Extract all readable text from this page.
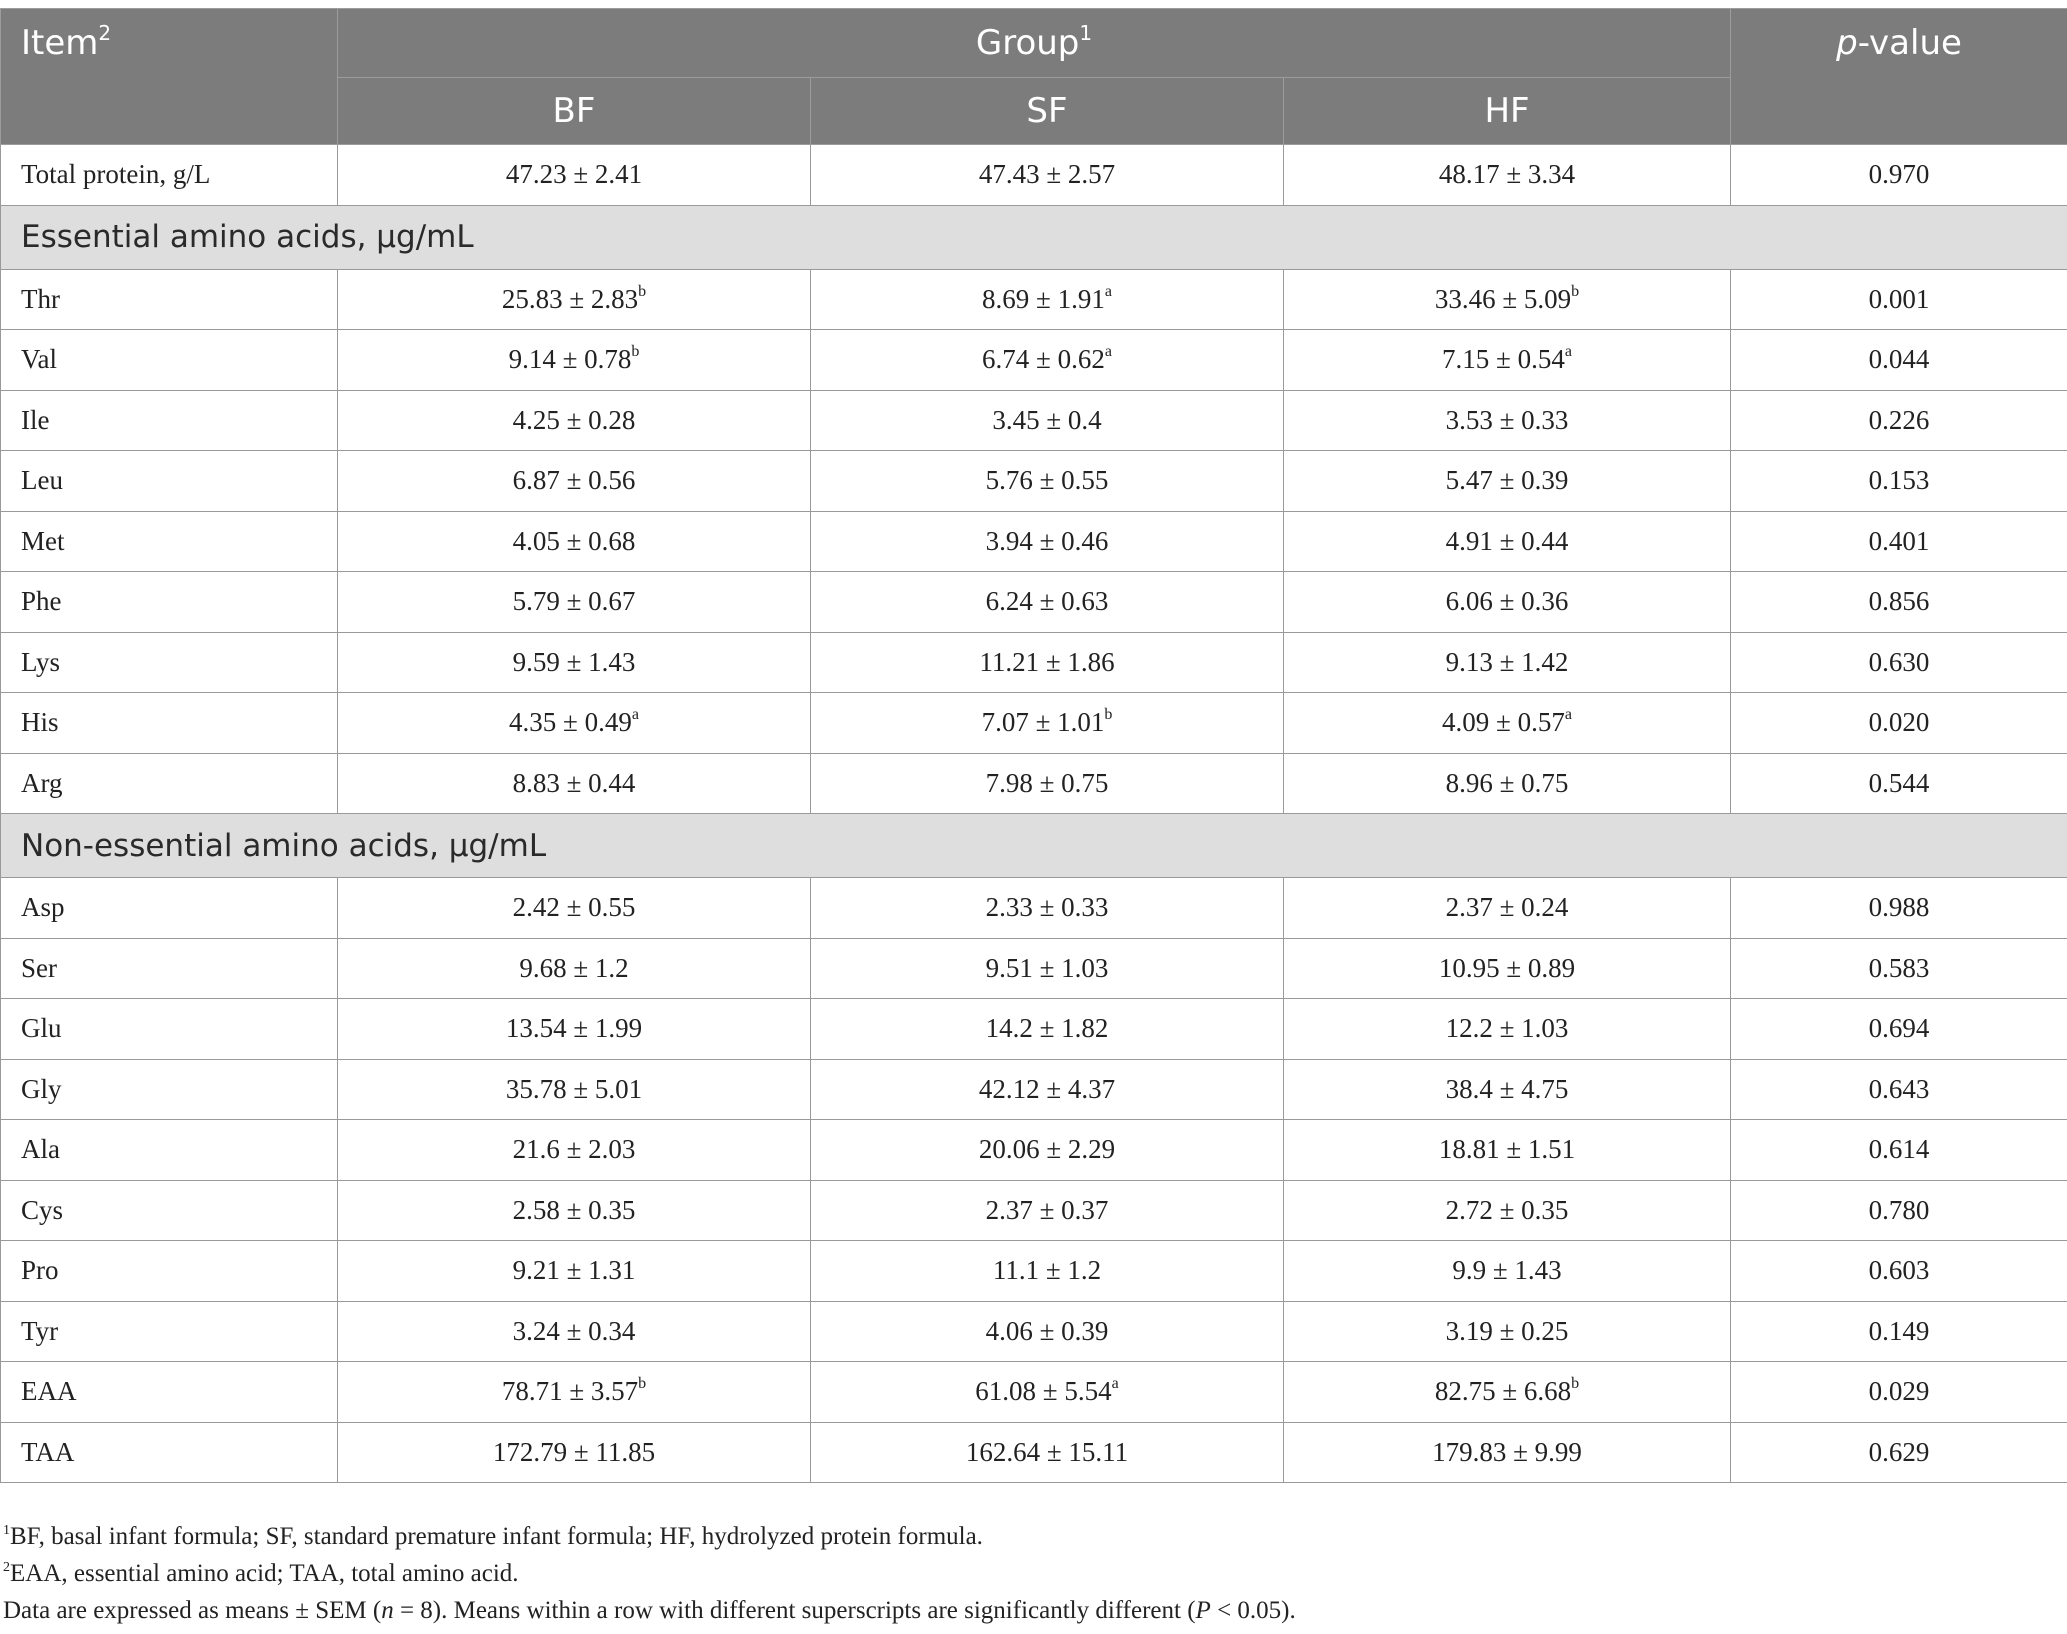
Item$^2$	Group$^1$			p-value
	BF	SF	HF	
Total protein, g/L	47.23 ± 2.41	47.43 ± 2.57	48.17 ± 3.34	0.970
Essential amino acids, μg/mL				
Thr	25.83 ± 2.83$^b$	8.69 ± 1.91$^a$	33.46 ± 5.09$^b$	0.001
Val	9.14 ± 0.78$^b$	6.74 ± 0.62$^a$	7.15 ± 0.54$^a$	0.044
Ile	4.25 ± 0.28	3.45 ± 0.4	3.53 ± 0.33	0.226
Leu	6.87 ± 0.56	5.76 ± 0.55	5.47 ± 0.39	0.153
Met	4.05 ± 0.68	3.94 ± 0.46	4.91 ± 0.44	0.401
Phe	5.79 ± 0.67	6.24 ± 0.63	6.06 ± 0.36	0.856
Lys	9.59 ± 1.43	11.21 ± 1.86	9.13 ± 1.42	0.630
His	4.35 ± 0.49$^a$	7.07 ± 1.01$^b$	4.09 ± 0.57$^a$	0.020
Arg	8.83 ± 0.44	7.98 ± 0.75	8.96 ± 0.75	0.544
Non-essential amino acids, μg/mL				
Asp	2.42 ± 0.55	2.33 ± 0.33	2.37 ± 0.24	0.988
Ser	9.68 ± 1.2	9.51 ± 1.03	10.95 ± 0.89	0.583
Glu	13.54 ± 1.99	14.2 ± 1.82	12.2 ± 1.03	0.694
Gly	35.78 ± 5.01	42.12 ± 4.37	38.4 ± 4.75	0.643
Ala	21.6 ± 2.03	20.06 ± 2.29	18.81 ± 1.51	0.614
Cys	2.58 ± 0.35	2.37 ± 0.37	2.72 ± 0.35	0.780
Pro	9.21 ± 1.31	11.1 ± 1.2	9.9 ± 1.43	0.603
Tyr	3.24 ± 0.34	4.06 ± 0.39	3.19 ± 0.25	0.149
EAA	78.71 ± 3.57$^b$	61.08 ± 5.54$^a$	82.75 ± 6.68$^b$	0.029
TAA	172.79 ± 11.85	162.64 ± 15.11	179.83 ± 9.99	0.629

$^1$BF, basal infant formula; SF, standard premature infant formula; HF, hydrolyzed protein formula.

$^2$EAA, essential amino acid; TAA, total amino acid.

Data are expressed as means ± SEM (n = 8). Means within a row with different superscripts are significantly different (P < 0.05).
